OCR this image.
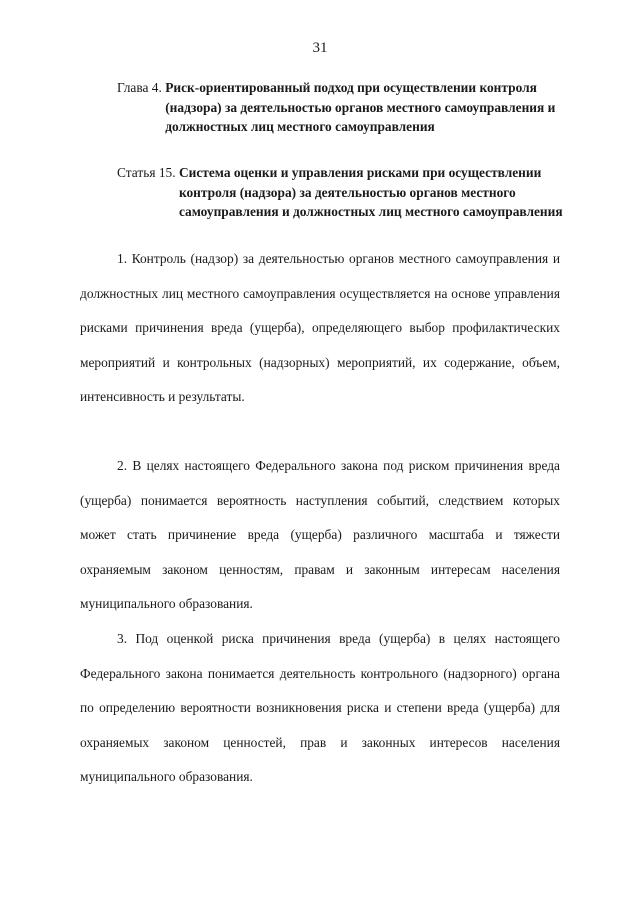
31
Глава 4. Риск-ориентированный подход при осуществлении контроля (надзора) за деятельностью органов местного самоуправления и должностных лиц местного самоуправления
Статья 15. Система оценки и управления рисками при осуществлении контроля (надзора) за деятельностью органов местного самоуправления и должностных лиц местного самоуправления

1. Контроль (надзор) за деятельностью органов местного самоуправления и должностных лиц местного самоуправления осуществляется на основе управления рисками причинения вреда (ущерба), определяющего выбор профилактических мероприятий и контрольных (надзорных) мероприятий, их содержание, объем, интенсивность и результаты.

2. В целях настоящего Федерального закона под риском причинения вреда (ущерба) понимается вероятность наступления событий, следствием которых может стать причинение вреда (ущерба) различного масштаба и тяжести охраняемым законом ценностям, правам и законным интересам населения муниципального образования.

3. Под оценкой риска причинения вреда (ущерба) в целях настоящего Федерального закона понимается деятельность контрольного (надзорного) органа по определению вероятности возникновения риска и степени вреда (ущерба) для охраняемых законом ценностей, прав и законных интересов населения муниципального образования.
